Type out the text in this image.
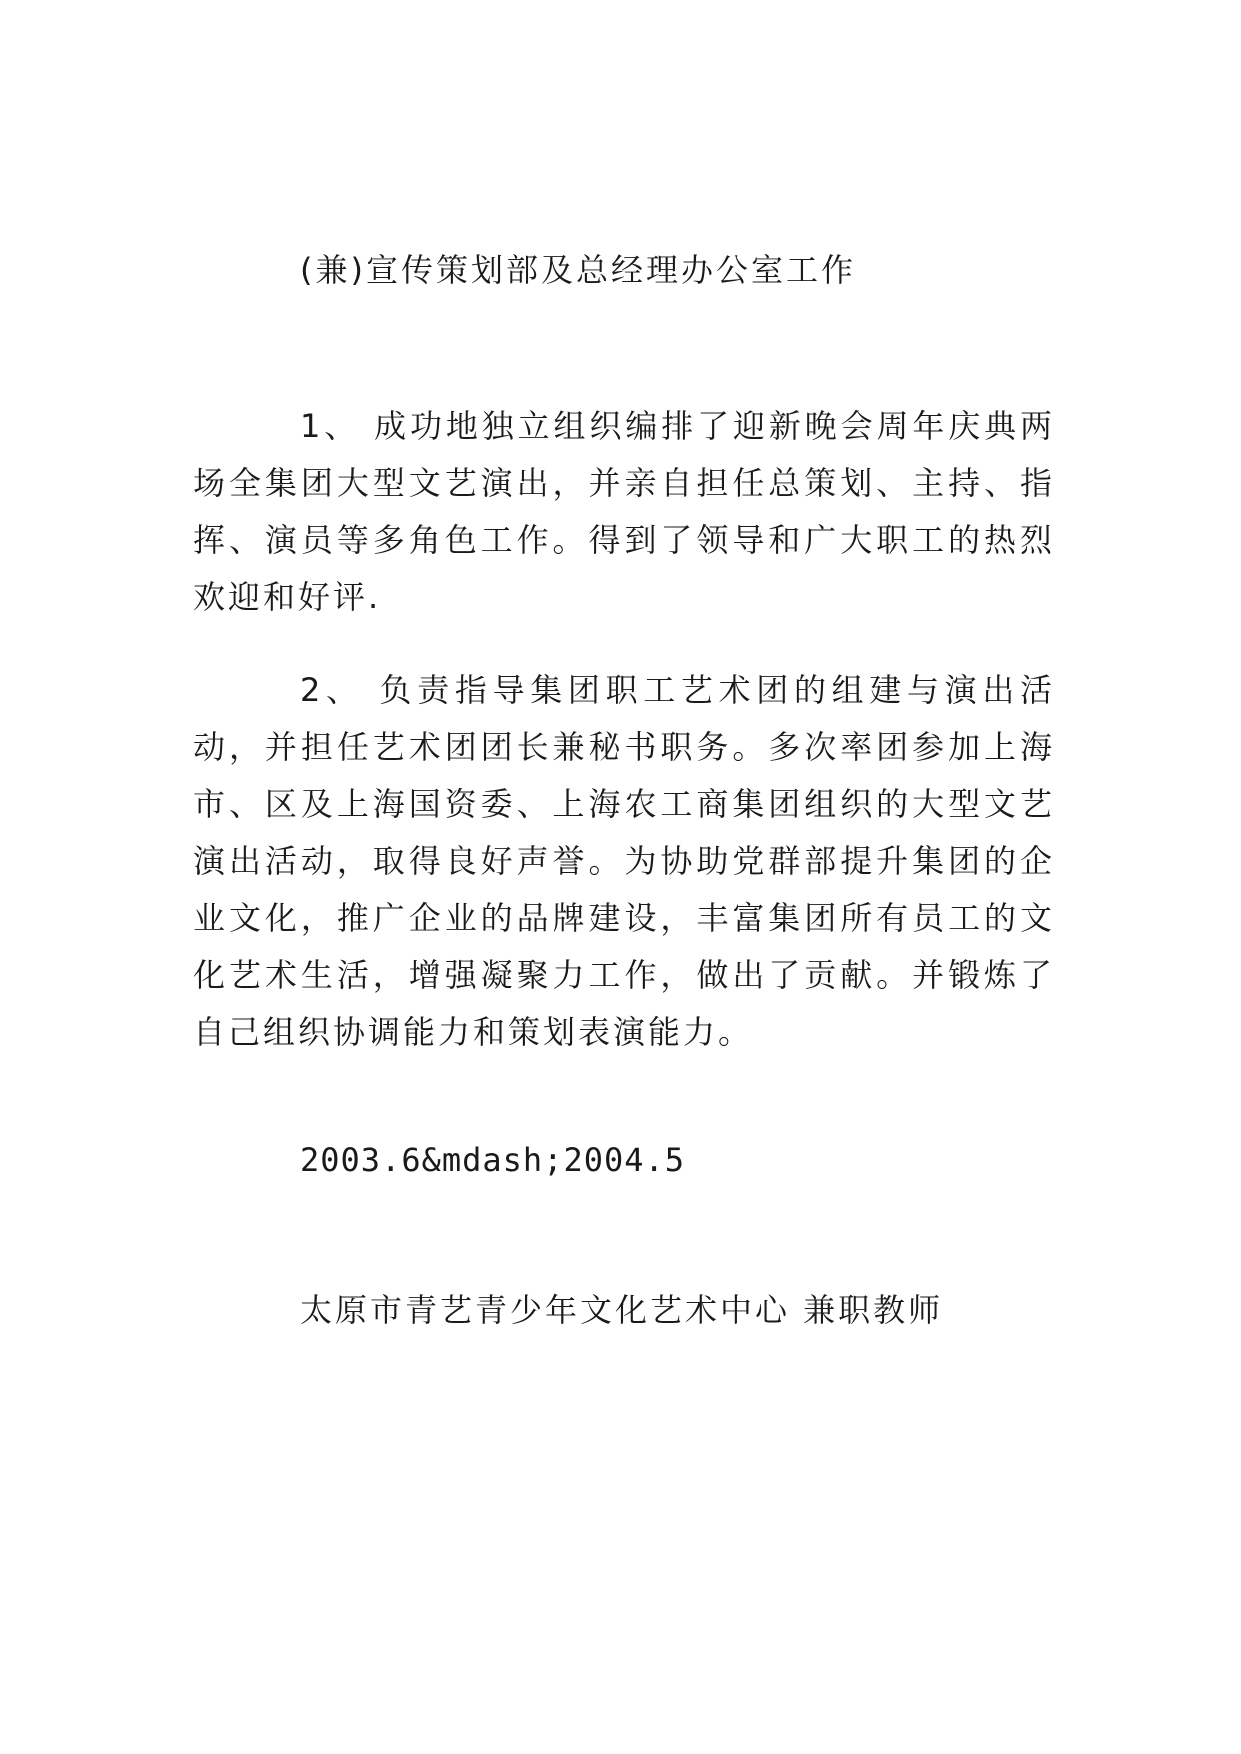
(兼)宣传策划部及总经理办公室工作
1、 成功地独立组织编排了迎新晚会周年庆典两场全集团大型文艺演出，并亲自担任总策划、主持、指挥、演员等多角色工作。得到了领导和广大职工的热烈欢迎和好评.
2、 负责指导集团职工艺术团的组建与演出活动，并担任艺术团团长兼秘书职务。多次率团参加上海市、区及上海国资委、上海农工商集团组织的大型文艺演出活动，取得良好声誉。为协助党群部提升集团的企业文化，推广企业的品牌建设，丰富集团所有员工的文化艺术生活，增强凝聚力工作，做出了贡献。并锻炼了自己组织协调能力和策划表演能力。
2003.6&mdash;2004.5
太原市青艺青少年文化艺术中心 兼职教师
